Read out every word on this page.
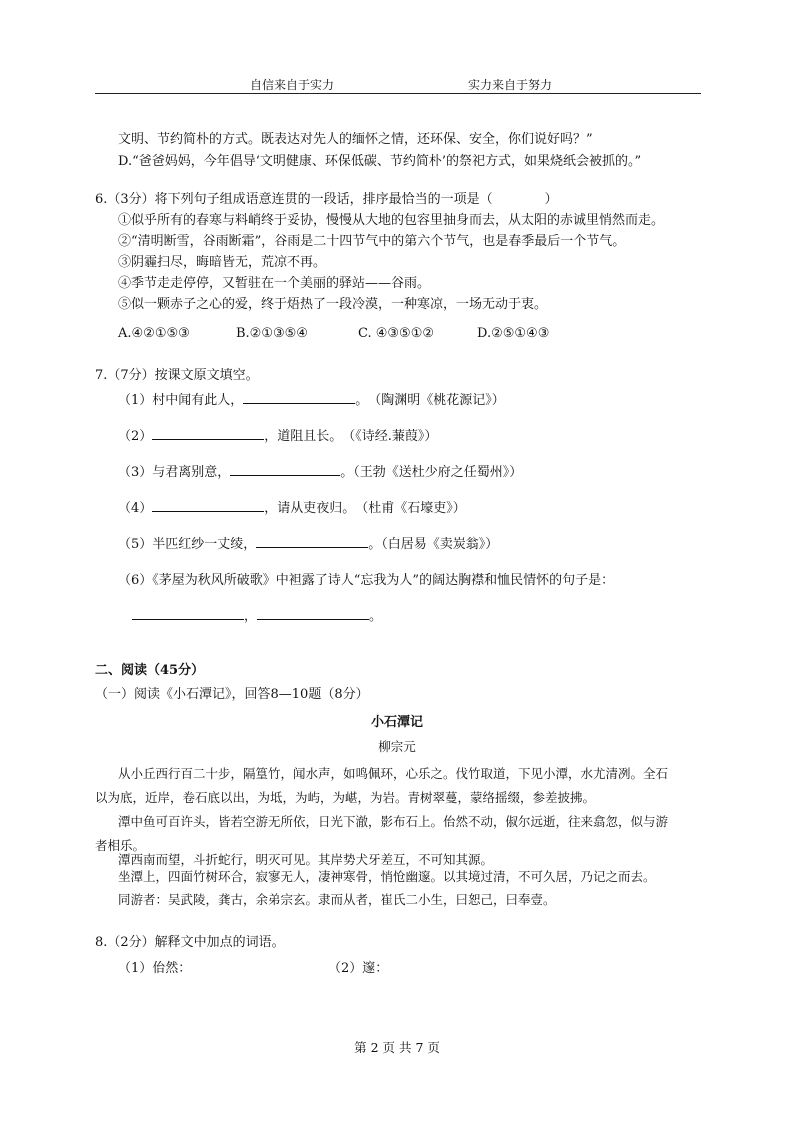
自信来自于实力	实力来自于努力
文明、节约简朴的方式。既表达对先人的缅怀之情，还环保、安全，你们说好吗？”
D.“爸爸妈妈，今年倡导‘文明健康、环保低碳、节约简朴’的祭祀方式，如果烧纸会被抓的。”
6.（3分）将下列句子组成语意连贯的一段话，排序最恰当的一项是（　　　　）
①似乎所有的春寒与料峭终于妥协，慢慢从大地的包容里抽身而去，从太阳的赤诚里悄然而走。
②“清明断雪，谷雨断霜”，谷雨是二十四节气中的第六个节气，也是春季最后一个节气。
③阴霾扫尽，晦暗皆无，荒凉不再。
④季节走走停停，又暂驻在一个美丽的驿站——谷雨。
⑤似一颗赤子之心的爱，终于焐热了一段冷漠，一种寒凉，一场无动于衷。
A.④②①⑤③	B.②①③⑤④	C. ④③⑤①②	D.②⑤①④③
7.（7分）按课文原文填空。
（1）村中闻有此人，	。　（陶渊明《桃花源记》）
（2）	，道阻且长。　（《诗经.蒹葭》）
（3）与君离别意，	。（王勃《送杜少府之任蜀州》）
（4）	，请从吏夜归。　（杜甫《石壕吏》）
（5）半匹红纱一丈绫，	。（白居易《卖炭翁》）
（6）《茅屋为秋风所破歌》中袒露了诗人“忘我为人”的阔达胸襟和恤民情怀的句子是：
，	。
二、阅读（45分）
（一）阅读《小石潭记》，回答8—10题（8分）
小石潭记
柳宗元
从小丘西行百二十步，隔篁竹，闻水声，如鸣佩环，心乐之。伐竹取道，下见小潭，水尤清冽。全石
以为底，近岸，卷石底以出，为坻，为屿，为嵁，为岩。青树翠蔓，蒙络摇缀，参差披拂。
潭中鱼可百许头，皆若空游无所依，日光下澈，影布石上。佁然不动，俶尔远逝，往来翕忽，似与游
者相乐。
潭西南而望，斗折蛇行，明灭可见。其岸势犬牙差互，不可知其源。
坐潭上，四面竹树环合，寂寥无人，凄神寒骨，悄怆幽邃。以其境过清，不可久居，乃记之而去。
同游者：吴武陵，龚古，余弟宗玄。隶而从者，崔氏二小生，曰恕己，曰奉壹。
8.（2分）解释文中加点的词语。
（1）佁然：	（2）邃：
第 2 页 共 7 页
